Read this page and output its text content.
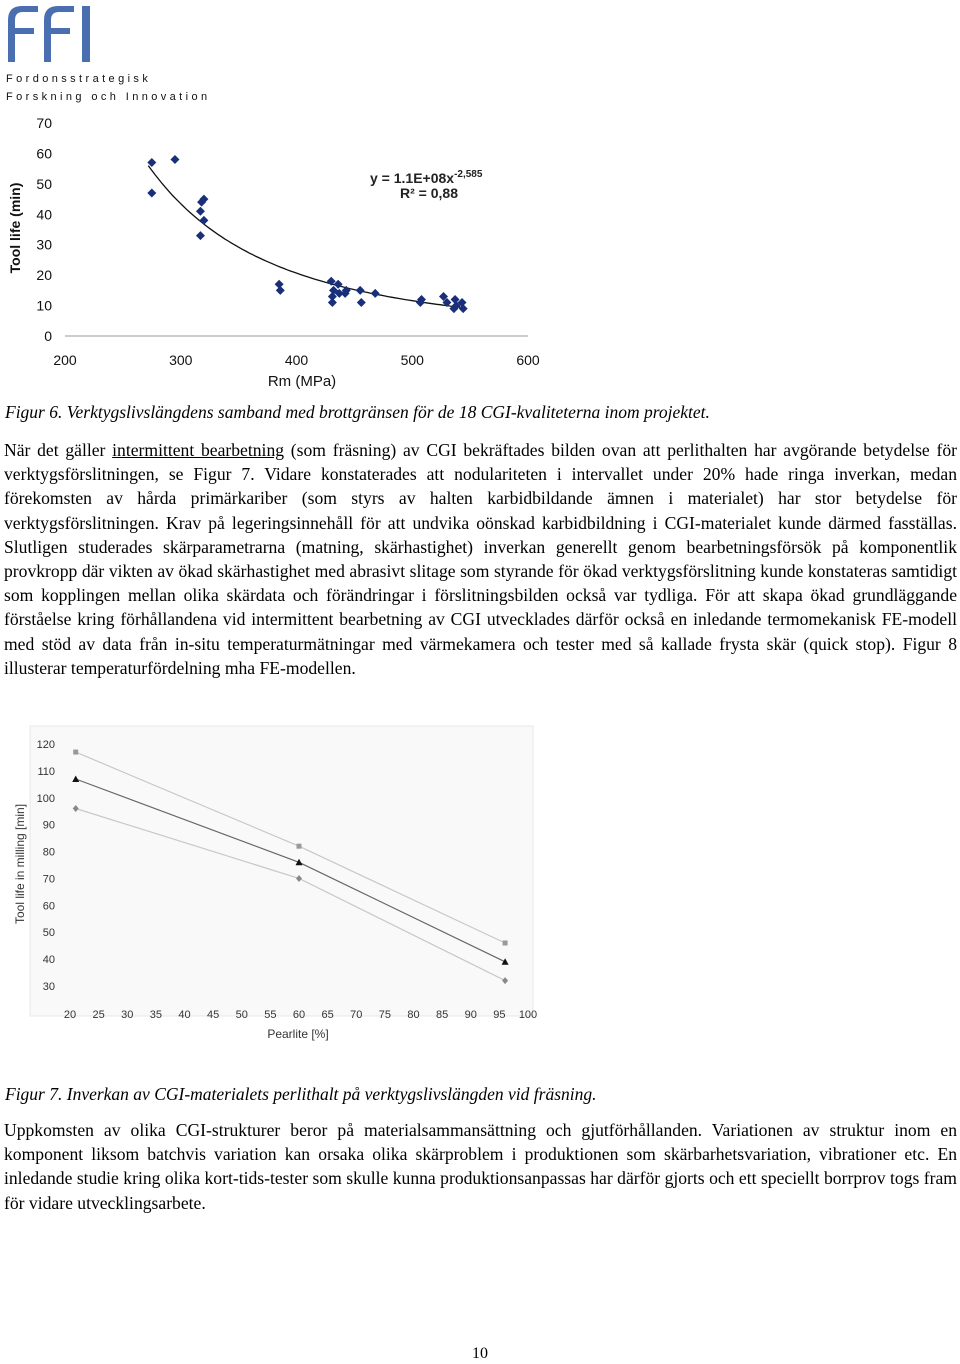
Fordonsstrategisk
Forskning och Innovation
200	300	400	500	600
0
10
20
30
40
50
60
70
$y = 1.1E+08x^{-2,585}$
R² = 0,88
Rm (MPa)
Tool life (min)
Figur 6. Verktygslivslängdens samband med brottgränsen för de 18 CGI-kvaliteterna inom projektet.
När det gäller intermittent bearbetning (som fräsning) av CGI bekräftades bilden ovan att perlithalten har avgörande betydelse för verktygsförslitningen, se Figur 7. Vidare konstaterades att nodulariteten i intervallet under 20% hade ringa inverkan, medan förekomsten av hårda primärkariber (som styrs av halten karbidbildande ämnen i materialet) har stor betydelse för verktygsförslitningen. Krav på legeringsinnehåll för att undvika oönskad karbidbildning i CGI-materialet kunde därmed fasställas. Slutligen studerades skärparametrarna (matning, skärhastighet) inverkan generellt genom bearbetningsförsök på komponentlik provkropp där vikten av ökad skärhastighet med abrasivt slitage som styrande för ökad verktygsförslitning kunde konstateras samtidigt som kopplingen mellan olika skärdata och förändringar i förslitningsbilden också var tydliga. För att skapa ökad grundläggande förståelse kring förhållandena vid intermittent bearbetning av CGI utvecklades därför också en inledande termomekanisk FE-modell med stöd av data från in-situ temperaturmätningar med värmekamera och tester med så kallade frysta skär (quick stop). Figur 8 illusterar temperaturfördelning mha FE-modellen.
20 25 30 35 40 45 50 55 60 65 70 75 80 85 90 95 100
30
40
50
60
70
80
90
100
110
120
Pearlite [%]
Tool life in milling [min]
Figur 7. Inverkan av CGI-materialets perlithalt på verktygslivslängden vid fräsning.
Uppkomsten av olika CGI-strukturer beror på materialsammansättning och gjutförhållanden. Variationen av struktur inom en komponent liksom batchvis variation kan orsaka olika skärproblem i produktionen som skärbarhetsvariation, vibrationer etc. En inledande studie kring olika kort-tids-tester som skulle kunna produktionsanpassas har därför gjorts och ett speciellt borrprov togs fram för vidare utvecklingsarbete.
10
